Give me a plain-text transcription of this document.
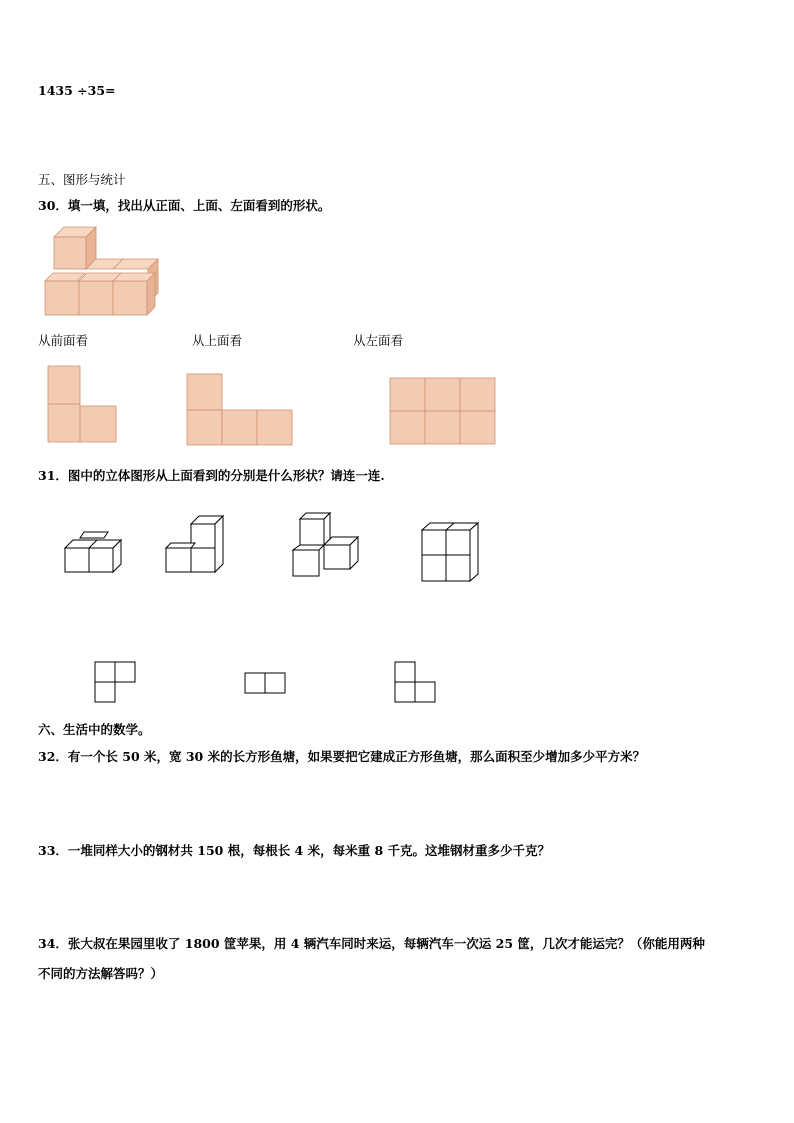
1435 ÷35=
五、图形与统计
30．填一填，找出从正面、上面、左面看到的形状。
从前面看	从上面看	从左面看
31．图中的立体图形从上面看到的分别是什么形状？请连一连.
六、生活中的数学。
32．有一个长 50 米，宽 30 米的长方形鱼塘，如果要把它建成正方形鱼塘，那么面积至少增加多少平方米？
33．一堆同样大小的钢材共 150 根，每根长 4 米，每米重 8 千克。这堆钢材重多少千克？
34．张大叔在果园里收了 1800 筐苹果，用 4 辆汽车同时来运，每辆汽车一次运 25 筐，几次才能运完？（你能用两种
不同的方法解答吗？）
